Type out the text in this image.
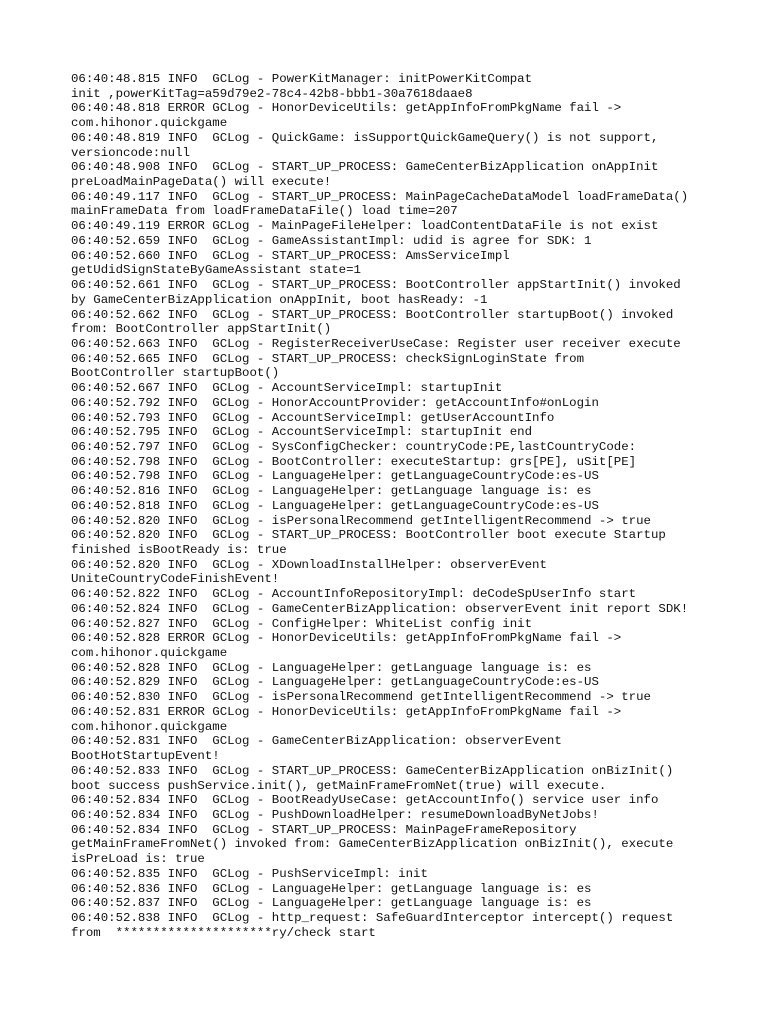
06:40:48.815 INFO  GCLog - PowerKitManager: initPowerKitCompat
init ,powerKitTag=a59d79e2-78c4-42b8-bbb1-30a7618daae8
06:40:48.818 ERROR GCLog - HonorDeviceUtils: getAppInfoFromPkgName fail ->
com.hihonor.quickgame
06:40:48.819 INFO  GCLog - QuickGame: isSupportQuickGameQuery() is not support,
versioncode:null
06:40:48.908 INFO  GCLog - START_UP_PROCESS: GameCenterBizApplication onAppInit
preLoadMainPageData() will execute!
06:40:49.117 INFO  GCLog - START_UP_PROCESS: MainPageCacheDataModel loadFrameData()
mainFrameData from loadFrameDataFile() load time=207
06:40:49.119 ERROR GCLog - MainPageFileHelper: loadContentDataFile is not exist
06:40:52.659 INFO  GCLog - GameAssistantImpl: udid is agree for SDK: 1
06:40:52.660 INFO  GCLog - START_UP_PROCESS: AmsServiceImpl
getUdidSignStateByGameAssistant state=1
06:40:52.661 INFO  GCLog - START_UP_PROCESS: BootController appStartInit() invoked
by GameCenterBizApplication onAppInit, boot hasReady: -1
06:40:52.662 INFO  GCLog - START_UP_PROCESS: BootController startupBoot() invoked
from: BootController appStartInit()
06:40:52.663 INFO  GCLog - RegisterReceiverUseCase: Register user receiver execute
06:40:52.665 INFO  GCLog - START_UP_PROCESS: checkSignLoginState from
BootController startupBoot()
06:40:52.667 INFO  GCLog - AccountServiceImpl: startupInit
06:40:52.792 INFO  GCLog - HonorAccountProvider: getAccountInfo#onLogin
06:40:52.793 INFO  GCLog - AccountServiceImpl: getUserAccountInfo
06:40:52.795 INFO  GCLog - AccountServiceImpl: startupInit end
06:40:52.797 INFO  GCLog - SysConfigChecker: countryCode:PE,lastCountryCode:
06:40:52.798 INFO  GCLog - BootController: executeStartup: grs[PE], uSit[PE]
06:40:52.798 INFO  GCLog - LanguageHelper: getLanguageCountryCode:es-US
06:40:52.816 INFO  GCLog - LanguageHelper: getLanguage language is: es
06:40:52.818 INFO  GCLog - LanguageHelper: getLanguageCountryCode:es-US
06:40:52.820 INFO  GCLog - isPersonalRecommend getIntelligentRecommend -> true
06:40:52.820 INFO  GCLog - START_UP_PROCESS: BootController boot execute Startup
finished isBootReady is: true
06:40:52.820 INFO  GCLog - XDownloadInstallHelper: observerEvent
UniteCountryCodeFinishEvent!
06:40:52.822 INFO  GCLog - AccountInfoRepositoryImpl: deCodeSpUserInfo start
06:40:52.824 INFO  GCLog - GameCenterBizApplication: observerEvent init report SDK!
06:40:52.827 INFO  GCLog - ConfigHelper: WhiteList config init
06:40:52.828 ERROR GCLog - HonorDeviceUtils: getAppInfoFromPkgName fail ->
com.hihonor.quickgame
06:40:52.828 INFO  GCLog - LanguageHelper: getLanguage language is: es
06:40:52.829 INFO  GCLog - LanguageHelper: getLanguageCountryCode:es-US
06:40:52.830 INFO  GCLog - isPersonalRecommend getIntelligentRecommend -> true
06:40:52.831 ERROR GCLog - HonorDeviceUtils: getAppInfoFromPkgName fail ->
com.hihonor.quickgame
06:40:52.831 INFO  GCLog - GameCenterBizApplication: observerEvent
BootHotStartupEvent!
06:40:52.833 INFO  GCLog - START_UP_PROCESS: GameCenterBizApplication onBizInit()
boot success pushService.init(), getMainFrameFromNet(true) will execute.
06:40:52.834 INFO  GCLog - BootReadyUseCase: getAccountInfo() service user info
06:40:52.834 INFO  GCLog - PushDownloadHelper: resumeDownloadByNetJobs!
06:40:52.834 INFO  GCLog - START_UP_PROCESS: MainPageFrameRepository
getMainFrameFromNet() invoked from: GameCenterBizApplication onBizInit(), execute
isPreLoad is: true
06:40:52.835 INFO  GCLog - PushServiceImpl: init
06:40:52.836 INFO  GCLog - LanguageHelper: getLanguage language is: es
06:40:52.837 INFO  GCLog - LanguageHelper: getLanguage language is: es
06:40:52.838 INFO  GCLog - http_request: SafeGuardInterceptor intercept() request
from  *********************ry/check start
